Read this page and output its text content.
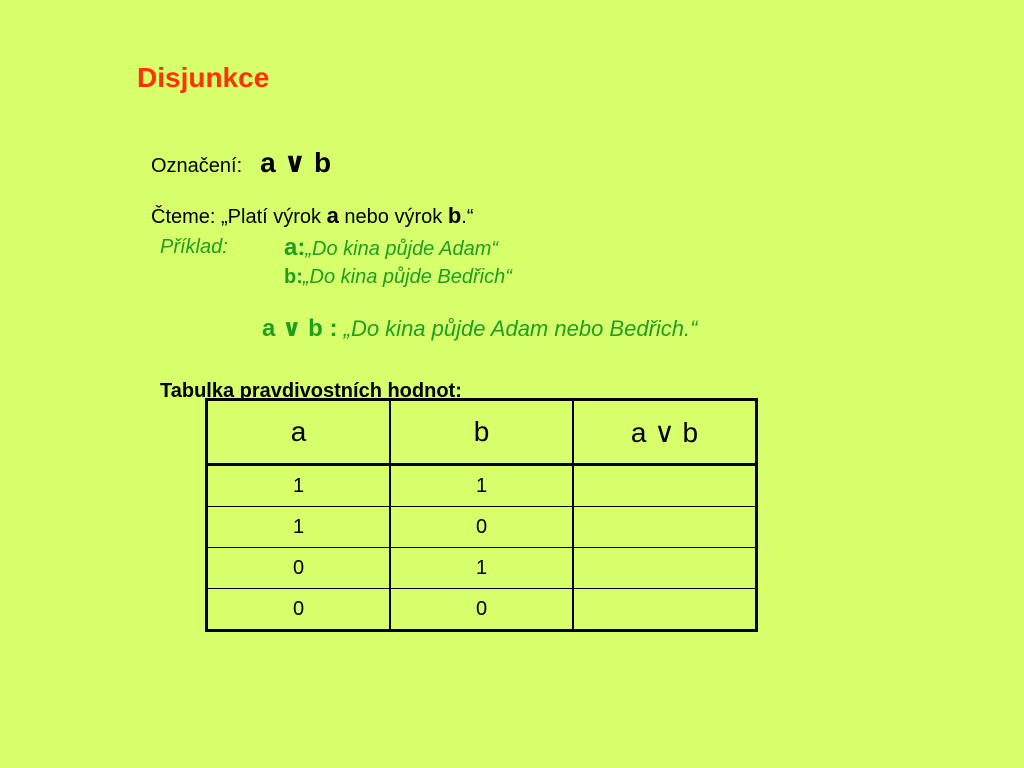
Disjunkce
Označení: a ∨ b
Čteme: „Platí výrok a nebo výrok b.“
Příklad: a:„Do kina půjde Adam“
b:„Do kina půjde Bedřich“
a ∨ b : „Do kina půjde Adam nebo Bedřich.“
Tabulka pravdivostních hodnot:
a	b	a ∨ b
1	1	
1	0	
0	1	
0	0	
